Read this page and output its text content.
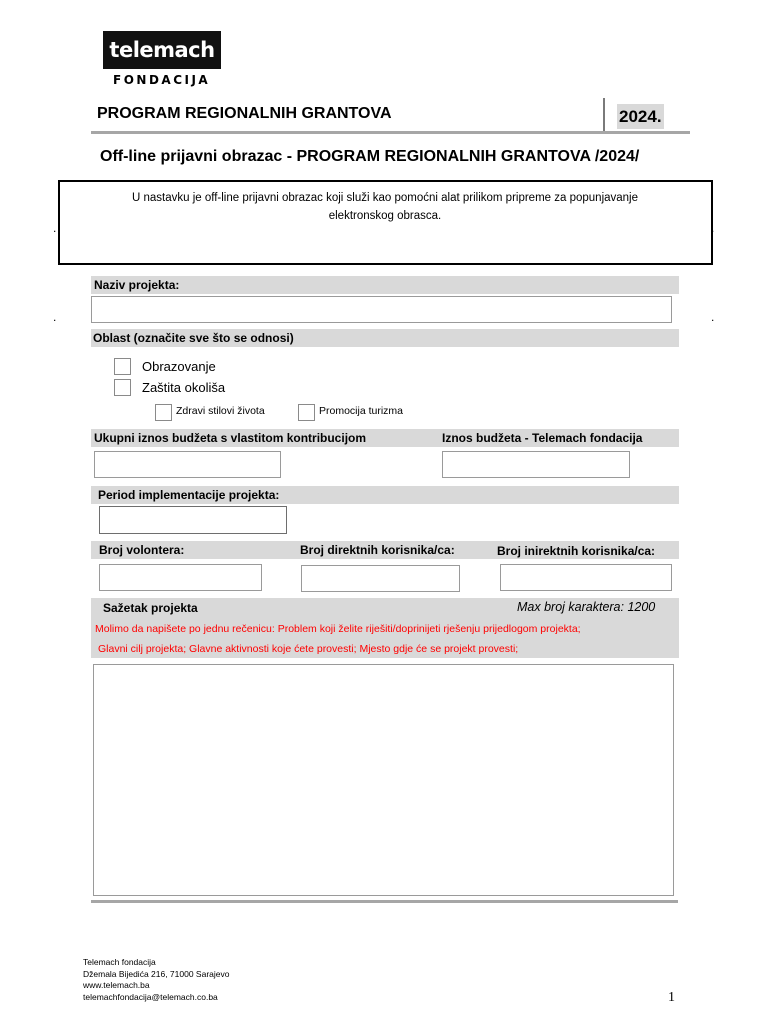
telemach
FONDACIJA
PROGRAM REGIONALNIH GRANTOVA	2024.
Off-line prijavni obrazac - PROGRAM REGIONALNIH GRANTOVA /2024/
U nastavku je off-line prijavni obrazac koji služi kao pomoćni alat prilikom pripreme za popunjavanje
elektronskog obrasca.
.	.
.	.
Naziv projekta:
Oblast (označite sve što se odnosi)
Obrazovanje
Zaštita okoliša
Zdravi stilovi života	Promocija turizma
Ukupni iznos budžeta s vlastitom kontribucijom	Iznos budžeta - Telemach fondacija
Period implementacije projekta:
Broj volontera:	Broj direktnih korisnika/ca:	Broj inirektnih korisnika/ca:
Sažetak projekta	Max broj karaktera: 1200
Molimo da napišete po jednu rečenicu: Problem koji želite riješiti/doprinijeti rješenju prijedlogom projekta;
Glavni cilj projekta; Glavne aktivnosti koje ćete provesti; Mjesto gdje će se projekt provesti;
Telemach fondacija
Džemala Bijedića 216, 71000 Sarajevo
www.telemach.ba
telemachfondacija@telemach.co.ba	1
